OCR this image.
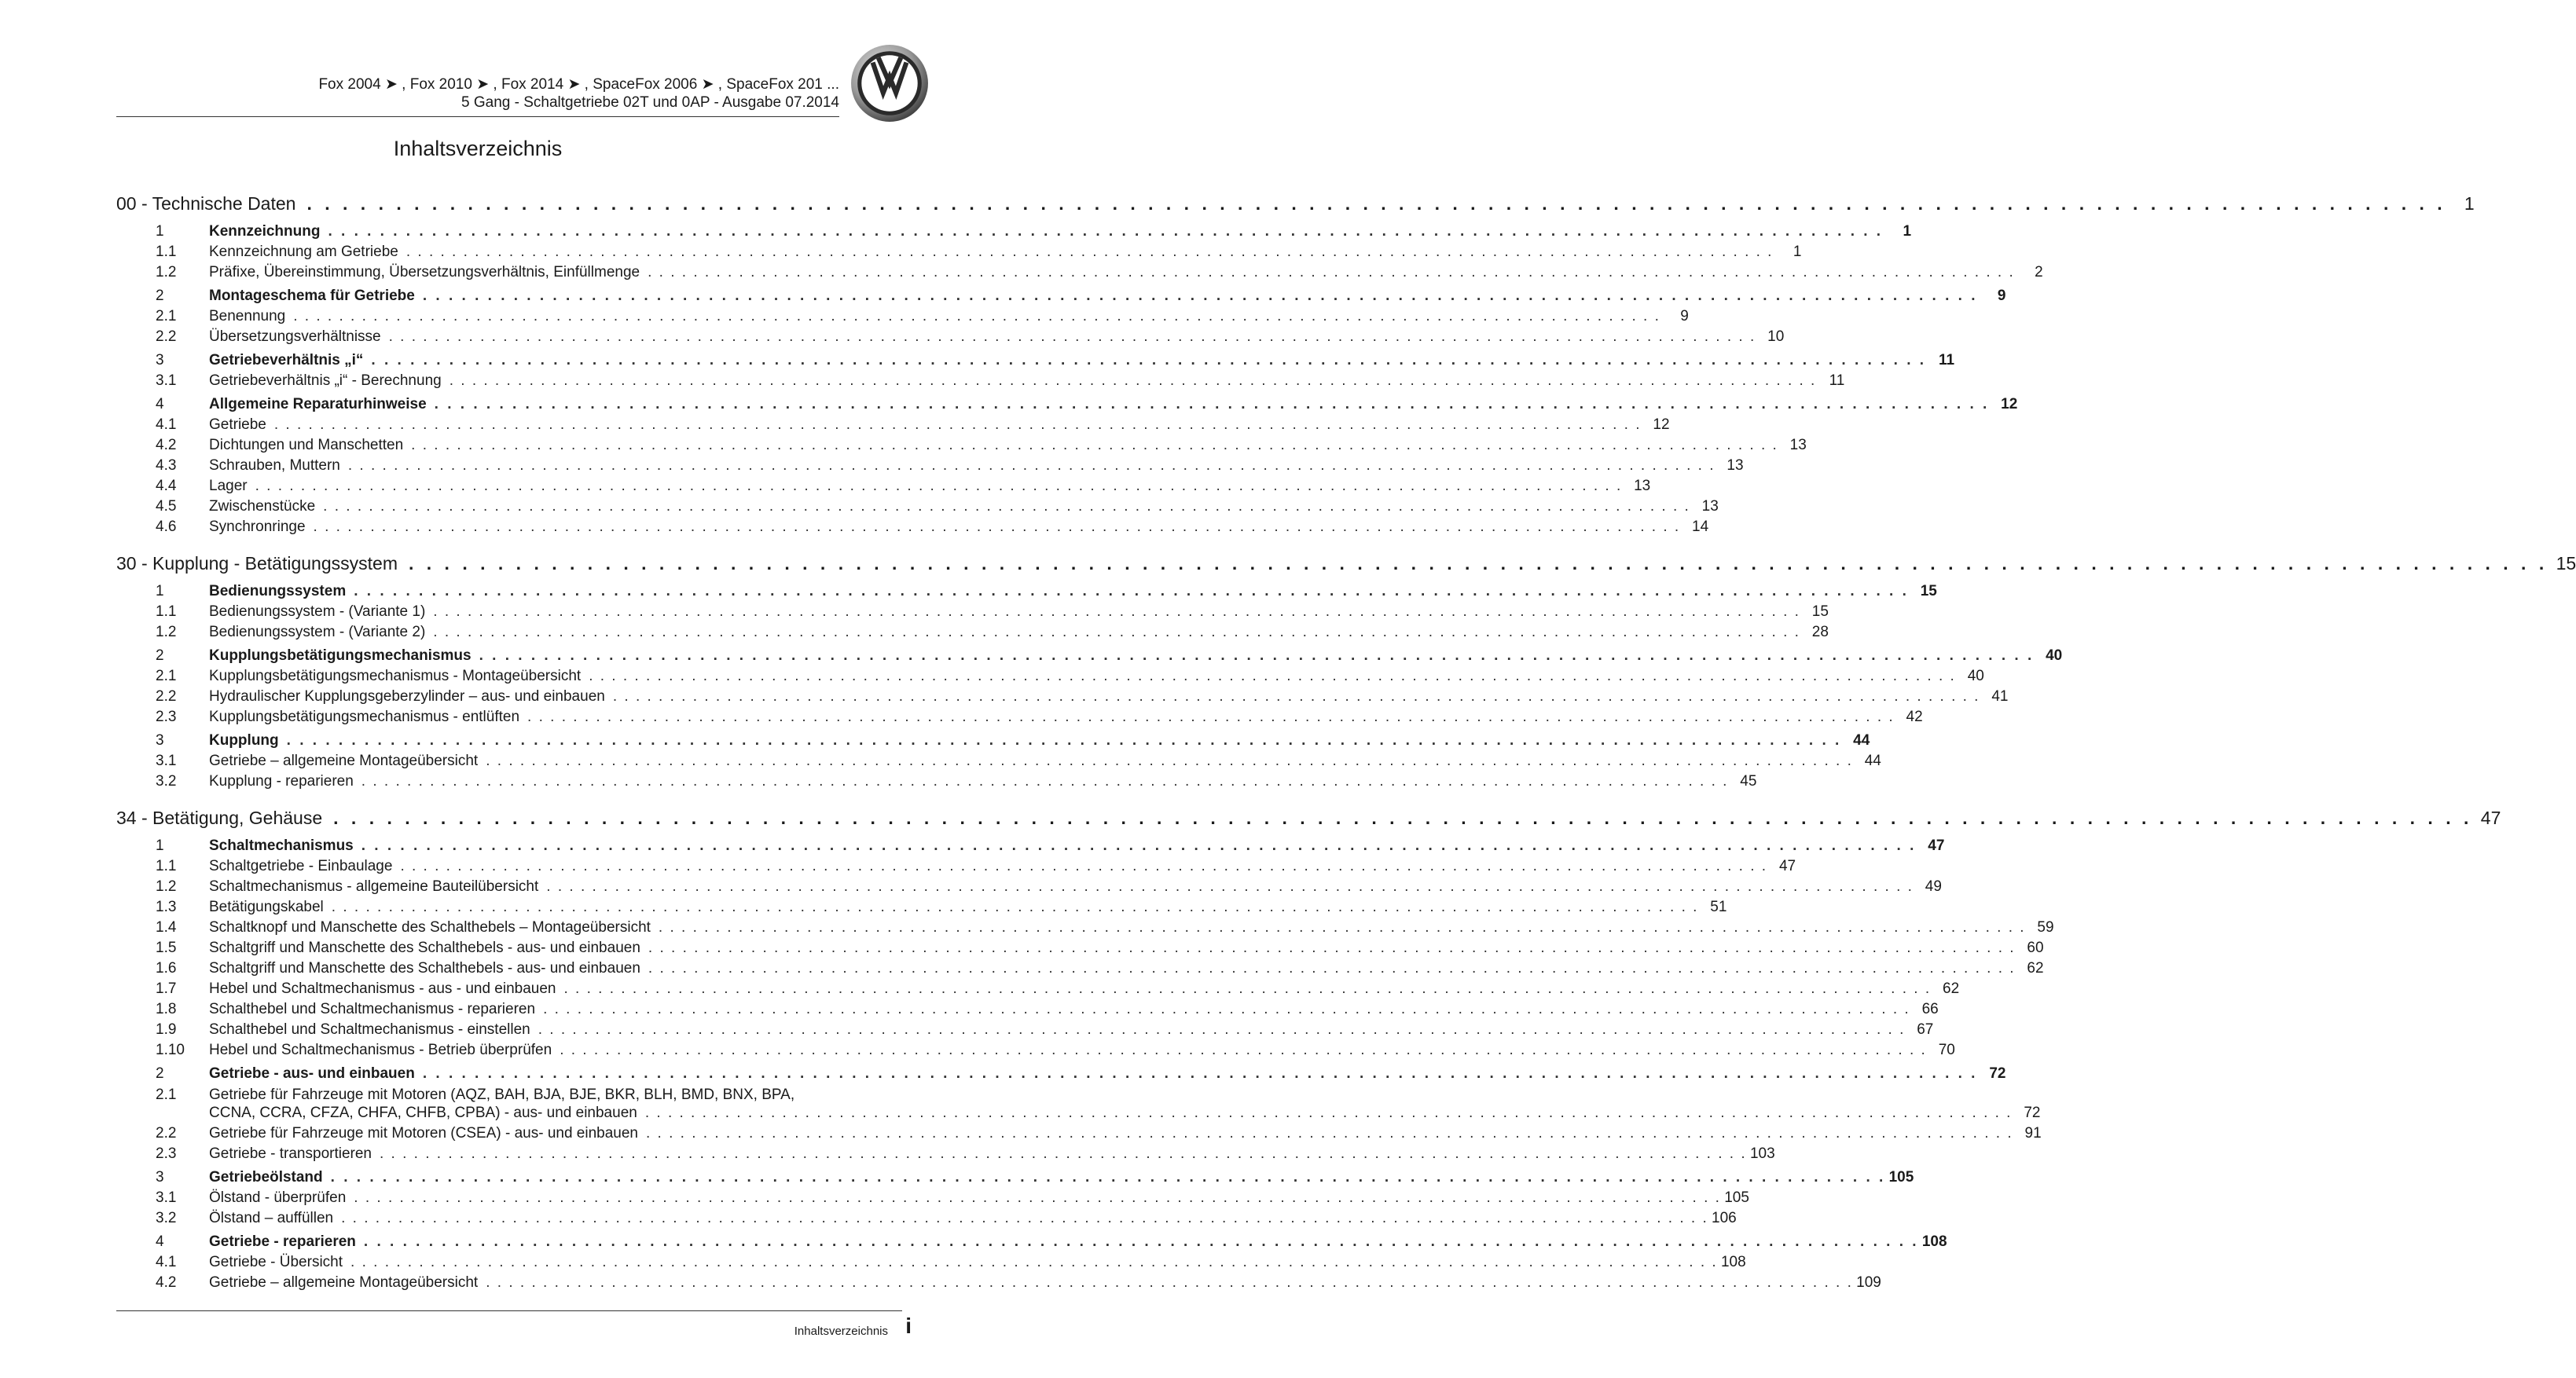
Fox 2004 ➤ , Fox 2010 ➤ , Fox 2014 ➤ , SpaceFox 2006 ➤ , SpaceFox 201 ...
5 Gang - Schaltgetriebe 02T und 0AP - Ausgabe 07.2014
Inhaltsverzeichnis
00 - Technische Daten . . . . . . . . . . . . . . . . . . . . . . . . . . . . . . . . . . . . . . . . . . . . . . . . . . . . . . . . . . . . . . . . . . . . . . . . . . . . . . . . . . . . . . . . . . . . . . . . . . . . . . . . . . . . . . . . . . . . . . . .	1
1	Kennzeichnung . . . . . . . . . . . . . . . . . . . . . . . . . . . . . . . . . . . . . . . . . . . . . . . . . . . . . . . . . . . . . . . . . . . . . . . . . . . . . . . . . . . . . . . . . . . . . . . . . . . . . . . . . . . . . . . . . . . . . . . .	1
1.1 Kennzeichnung am Getriebe . . . . . . . . . . . . . . . . . . . . . . . . . . . . . . . . . . . . . . . . . . . . . . . . . . . . . . . . . . . . . . . . . . . . . . . . . . . . . . . . . . . . . . . . . . . . . . . . . . . . . . . . . . . . . . . . . . . . . . . .	1
1.2 Präfixe, Übereinstimmung, Übersetzungsverhältnis, Einfüllmenge . . . . . . . . . . . . . . . . . . . . . . . . . . . . . . . . . . . . . . . . . . . . . . . . . . . . . . . . . . . . . . . . . . . . . . . . . . . . . . . . . . . . . . . . . . . . . . . . . . . . . . . . . . . . . . . . . . . . . . . .	2
2	Montageschema für Getriebe . . . . . . . . . . . . . . . . . . . . . . . . . . . . . . . . . . . . . . . . . . . . . . . . . . . . . . . . . . . . . . . . . . . . . . . . . . . . . . . . . . . . . . . . . . . . . . . . . . . . . . . . . . . . . . . . . . . . . . . .	9
2.1 Benennung . . . . . . . . . . . . . . . . . . . . . . . . . . . . . . . . . . . . . . . . . . . . . . . . . . . . . . . . . . . . . . . . . . . . . . . . . . . . . . . . . . . . . . . . . . . . . . . . . . . . . . . . . . . . . . . . . . . . . . . .	9
2.2 Übersetzungsverhältnisse . . . . . . . . . . . . . . . . . . . . . . . . . . . . . . . . . . . . . . . . . . . . . . . . . . . . . . . . . . . . . . . . . . . . . . . . . . . . . . . . . . . . . . . . . . . . . . . . . . . . . . . . . . . . . . . . . . . . . . . . 10
3	Getriebeverhältnis „i“ . . . . . . . . . . . . . . . . . . . . . . . . . . . . . . . . . . . . . . . . . . . . . . . . . . . . . . . . . . . . . . . . . . . . . . . . . . . . . . . . . . . . . . . . . . . . . . . . . . . . . . . . . . . . . . . . . . . . . . . . 11
3.1 Getriebeverhältnis „i“ - Berechnung . . . . . . . . . . . . . . . . . . . . . . . . . . . . . . . . . . . . . . . . . . . . . . . . . . . . . . . . . . . . . . . . . . . . . . . . . . . . . . . . . . . . . . . . . . . . . . . . . . . . . . . . . . . . . . . . . . . . . . . . 11
4	Allgemeine Reparaturhinweise . . . . . . . . . . . . . . . . . . . . . . . . . . . . . . . . . . . . . . . . . . . . . . . . . . . . . . . . . . . . . . . . . . . . . . . . . . . . . . . . . . . . . . . . . . . . . . . . . . . . . . . . . . . . . . . . . . . . . . . . 12
4.1 Getriebe . . . . . . . . . . . . . . . . . . . . . . . . . . . . . . . . . . . . . . . . . . . . . . . . . . . . . . . . . . . . . . . . . . . . . . . . . . . . . . . . . . . . . . . . . . . . . . . . . . . . . . . . . . . . . . . . . . . . . . . . 12
4.2 Dichtungen und Manschetten . . . . . . . . . . . . . . . . . . . . . . . . . . . . . . . . . . . . . . . . . . . . . . . . . . . . . . . . . . . . . . . . . . . . . . . . . . . . . . . . . . . . . . . . . . . . . . . . . . . . . . . . . . . . . . . . . . . . . . . . 13
4.3 Schrauben, Muttern . . . . . . . . . . . . . . . . . . . . . . . . . . . . . . . . . . . . . . . . . . . . . . . . . . . . . . . . . . . . . . . . . . . . . . . . . . . . . . . . . . . . . . . . . . . . . . . . . . . . . . . . . . . . . . . . . . . . . . . . 13
4.4 Lager . . . . . . . . . . . . . . . . . . . . . . . . . . . . . . . . . . . . . . . . . . . . . . . . . . . . . . . . . . . . . . . . . . . . . . . . . . . . . . . . . . . . . . . . . . . . . . . . . . . . . . . . . . . . . . . . . . . . . . . . 13
4.5 Zwischenstücke . . . . . . . . . . . . . . . . . . . . . . . . . . . . . . . . . . . . . . . . . . . . . . . . . . . . . . . . . . . . . . . . . . . . . . . . . . . . . . . . . . . . . . . . . . . . . . . . . . . . . . . . . . . . . . . . . . . . . . . . 13
4.6 Synchronringe . . . . . . . . . . . . . . . . . . . . . . . . . . . . . . . . . . . . . . . . . . . . . . . . . . . . . . . . . . . . . . . . . . . . . . . . . . . . . . . . . . . . . . . . . . . . . . . . . . . . . . . . . . . . . . . . . . . . . . . . 14
30 - Kupplung - Betätigungssystem . . . . . . . . . . . . . . . . . . . . . . . . . . . . . . . . . . . . . . . . . . . . . . . . . . . . . . . . . . . . . . . . . . . . . . . . . . . . . . . . . . . . . . . . . . . . . . . . . . . . . . . . . . . . . . . . . . . . . . . . 15
1	Bedienungssystem . . . . . . . . . . . . . . . . . . . . . . . . . . . . . . . . . . . . . . . . . . . . . . . . . . . . . . . . . . . . . . . . . . . . . . . . . . . . . . . . . . . . . . . . . . . . . . . . . . . . . . . . . . . . . . . . . . . . . . . . 15
1.1 Bedienungssystem - (Variante 1) . . . . . . . . . . . . . . . . . . . . . . . . . . . . . . . . . . . . . . . . . . . . . . . . . . . . . . . . . . . . . . . . . . . . . . . . . . . . . . . . . . . . . . . . . . . . . . . . . . . . . . . . . . . . . . . . . . . . . . . . 15
1.2 Bedienungssystem - (Variante 2) . . . . . . . . . . . . . . . . . . . . . . . . . . . . . . . . . . . . . . . . . . . . . . . . . . . . . . . . . . . . . . . . . . . . . . . . . . . . . . . . . . . . . . . . . . . . . . . . . . . . . . . . . . . . . . . . . . . . . . . . 28
2	Kupplungsbetätigungsmechanismus . . . . . . . . . . . . . . . . . . . . . . . . . . . . . . . . . . . . . . . . . . . . . . . . . . . . . . . . . . . . . . . . . . . . . . . . . . . . . . . . . . . . . . . . . . . . . . . . . . . . . . . . . . . . . . . . . . . . . . . . 40
2.1 Kupplungsbetätigungsmechanismus - Montageübersicht . . . . . . . . . . . . . . . . . . . . . . . . . . . . . . . . . . . . . . . . . . . . . . . . . . . . . . . . . . . . . . . . . . . . . . . . . . . . . . . . . . . . . . . . . . . . . . . . . . . . . . . . . . . . . . . . . . . . . . . . 40
2.2 Hydraulischer Kupplungsgeberzylinder – aus- und einbauen . . . . . . . . . . . . . . . . . . . . . . . . . . . . . . . . . . . . . . . . . . . . . . . . . . . . . . . . . . . . . . . . . . . . . . . . . . . . . . . . . . . . . . . . . . . . . . . . . . . . . . . . . . . . . . . . . . . . . . . . 41
2.3 Kupplungsbetätigungsmechanismus - entlüften . . . . . . . . . . . . . . . . . . . . . . . . . . . . . . . . . . . . . . . . . . . . . . . . . . . . . . . . . . . . . . . . . . . . . . . . . . . . . . . . . . . . . . . . . . . . . . . . . . . . . . . . . . . . . . . . . . . . . . . . 42
3	Kupplung . . . . . . . . . . . . . . . . . . . . . . . . . . . . . . . . . . . . . . . . . . . . . . . . . . . . . . . . . . . . . . . . . . . . . . . . . . . . . . . . . . . . . . . . . . . . . . . . . . . . . . . . . . . . . . . . . . . . . . . . 44
3.1 Getriebe – allgemeine Montageübersicht . . . . . . . . . . . . . . . . . . . . . . . . . . . . . . . . . . . . . . . . . . . . . . . . . . . . . . . . . . . . . . . . . . . . . . . . . . . . . . . . . . . . . . . . . . . . . . . . . . . . . . . . . . . . . . . . . . . . . . . . 44
3.2 Kupplung - reparieren . . . . . . . . . . . . . . . . . . . . . . . . . . . . . . . . . . . . . . . . . . . . . . . . . . . . . . . . . . . . . . . . . . . . . . . . . . . . . . . . . . . . . . . . . . . . . . . . . . . . . . . . . . . . . . . . . . . . . . . . 45
34 - Betätigung, Gehäuse . . . . . . . . . . . . . . . . . . . . . . . . . . . . . . . . . . . . . . . . . . . . . . . . . . . . . . . . . . . . . . . . . . . . . . . . . . . . . . . . . . . . . . . . . . . . . . . . . . . . . . . . . . . . . . . . . . . . . . . . 47
1	Schaltmechanismus . . . . . . . . . . . . . . . . . . . . . . . . . . . . . . . . . . . . . . . . . . . . . . . . . . . . . . . . . . . . . . . . . . . . . . . . . . . . . . . . . . . . . . . . . . . . . . . . . . . . . . . . . . . . . . . . . . . . . . . . 47
1.1 Schaltgetriebe - Einbaulage . . . . . . . . . . . . . . . . . . . . . . . . . . . . . . . . . . . . . . . . . . . . . . . . . . . . . . . . . . . . . . . . . . . . . . . . . . . . . . . . . . . . . . . . . . . . . . . . . . . . . . . . . . . . . . . . . . . . . . . . 47
1.2 Schaltmechanismus - allgemeine Bauteilübersicht . . . . . . . . . . . . . . . . . . . . . . . . . . . . . . . . . . . . . . . . . . . . . . . . . . . . . . . . . . . . . . . . . . . . . . . . . . . . . . . . . . . . . . . . . . . . . . . . . . . . . . . . . . . . . . . . . . . . . . . . 49
1.3 Betätigungskabel . . . . . . . . . . . . . . . . . . . . . . . . . . . . . . . . . . . . . . . . . . . . . . . . . . . . . . . . . . . . . . . . . . . . . . . . . . . . . . . . . . . . . . . . . . . . . . . . . . . . . . . . . . . . . . . . . . . . . . . . 51
1.4 Schaltknopf und Manschette des Schalthebels – Montageübersicht . . . . . . . . . . . . . . . . . . . . . . . . . . . . . . . . . . . . . . . . . . . . . . . . . . . . . . . . . . . . . . . . . . . . . . . . . . . . . . . . . . . . . . . . . . . . . . . . . . . . . . . . . . . . . . . . . . . . . . . . 59
1.5 Schaltgriff und Manschette des Schalthebels - aus- und einbauen . . . . . . . . . . . . . . . . . . . . . . . . . . . . . . . . . . . . . . . . . . . . . . . . . . . . . . . . . . . . . . . . . . . . . . . . . . . . . . . . . . . . . . . . . . . . . . . . . . . . . . . . . . . . . . . . . . . . . . . . 60
1.6 Schaltgriff und Manschette des Schalthebels - aus- und einbauen . . . . . . . . . . . . . . . . . . . . . . . . . . . . . . . . . . . . . . . . . . . . . . . . . . . . . . . . . . . . . . . . . . . . . . . . . . . . . . . . . . . . . . . . . . . . . . . . . . . . . . . . . . . . . . . . . . . . . . . . 62
1.7 Hebel und Schaltmechanismus - aus - und einbauen . . . . . . . . . . . . . . . . . . . . . . . . . . . . . . . . . . . . . . . . . . . . . . . . . . . . . . . . . . . . . . . . . . . . . . . . . . . . . . . . . . . . . . . . . . . . . . . . . . . . . . . . . . . . . . . . . . . . . . . . 62
1.8 Schalthebel und Schaltmechanismus - reparieren . . . . . . . . . . . . . . . . . . . . . . . . . . . . . . . . . . . . . . . . . . . . . . . . . . . . . . . . . . . . . . . . . . . . . . . . . . . . . . . . . . . . . . . . . . . . . . . . . . . . . . . . . . . . . . . . . . . . . . . . 66
1.9 Schalthebel und Schaltmechanismus - einstellen . . . . . . . . . . . . . . . . . . . . . . . . . . . . . . . . . . . . . . . . . . . . . . . . . . . . . . . . . . . . . . . . . . . . . . . . . . . . . . . . . . . . . . . . . . . . . . . . . . . . . . . . . . . . . . . . . . . . . . . . 67
1.10 Hebel und Schaltmechanismus - Betrieb überprüfen . . . . . . . . . . . . . . . . . . . . . . . . . . . . . . . . . . . . . . . . . . . . . . . . . . . . . . . . . . . . . . . . . . . . . . . . . . . . . . . . . . . . . . . . . . . . . . . . . . . . . . . . . . . . . . . . . . . . . . . . 70
2	Getriebe - aus- und einbauen . . . . . . . . . . . . . . . . . . . . . . . . . . . . . . . . . . . . . . . . . . . . . . . . . . . . . . . . . . . . . . . . . . . . . . . . . . . . . . . . . . . . . . . . . . . . . . . . . . . . . . . . . . . . . . . . . . . . . . . . 72
2.1 Getriebe für Fahrzeuge mit Motoren (AQZ, BAH, BJA, BJE, BKR, BLH, BMD, BNX, BPA,
CCNA, CCRA, CFZA, CHFA, CHFB, CPBA) - aus- und einbauen . . . . . . . . . . . . . . . . . . . . . . . . . . . . . . . . . . . . . . . . . . . . . . . . . . . . . . . . . . . . . . . . . . . . . . . . . . . . . . . . . . . . . . . . . . . . . . . . . . . . . . . . . . . . . . . . . . . . . . . . 72
2.2 Getriebe für Fahrzeuge mit Motoren (CSEA) - aus- und einbauen . . . . . . . . . . . . . . . . . . . . . . . . . . . . . . . . . . . . . . . . . . . . . . . . . . . . . . . . . . . . . . . . . . . . . . . . . . . . . . . . . . . . . . . . . . . . . . . . . . . . . . . . . . . . . . . . . . . . . . . . 91
2.3 Getriebe - transportieren . . . . . . . . . . . . . . . . . . . . . . . . . . . . . . . . . . . . . . . . . . . . . . . . . . . . . . . . . . . . . . . . . . . . . . . . . . . . . . . . . . . . . . . . . . . . . . . . . . . . . . . . . . . . . . . . . . . . . . . . 103
3	Getriebeölstand . . . . . . . . . . . . . . . . . . . . . . . . . . . . . . . . . . . . . . . . . . . . . . . . . . . . . . . . . . . . . . . . . . . . . . . . . . . . . . . . . . . . . . . . . . . . . . . . . . . . . . . . . . . . . . . . . . . . . . . . 105
3.1 Ölstand - überprüfen . . . . . . . . . . . . . . . . . . . . . . . . . . . . . . . . . . . . . . . . . . . . . . . . . . . . . . . . . . . . . . . . . . . . . . . . . . . . . . . . . . . . . . . . . . . . . . . . . . . . . . . . . . . . . . . . . . . . . . . . 105
3.2 Ölstand – auffüllen . . . . . . . . . . . . . . . . . . . . . . . . . . . . . . . . . . . . . . . . . . . . . . . . . . . . . . . . . . . . . . . . . . . . . . . . . . . . . . . . . . . . . . . . . . . . . . . . . . . . . . . . . . . . . . . . . . . . . . . . 106
4	Getriebe - reparieren . . . . . . . . . . . . . . . . . . . . . . . . . . . . . . . . . . . . . . . . . . . . . . . . . . . . . . . . . . . . . . . . . . . . . . . . . . . . . . . . . . . . . . . . . . . . . . . . . . . . . . . . . . . . . . . . . . . . . . . . 108
4.1 Getriebe - Übersicht . . . . . . . . . . . . . . . . . . . . . . . . . . . . . . . . . . . . . . . . . . . . . . . . . . . . . . . . . . . . . . . . . . . . . . . . . . . . . . . . . . . . . . . . . . . . . . . . . . . . . . . . . . . . . . . . . . . . . . . . 108
4.2 Getriebe – allgemeine Montageübersicht . . . . . . . . . . . . . . . . . . . . . . . . . . . . . . . . . . . . . . . . . . . . . . . . . . . . . . . . . . . . . . . . . . . . . . . . . . . . . . . . . . . . . . . . . . . . . . . . . . . . . . . . . . . . . . . . . . . . . . . . 109
Inhaltsverzeichnis i
